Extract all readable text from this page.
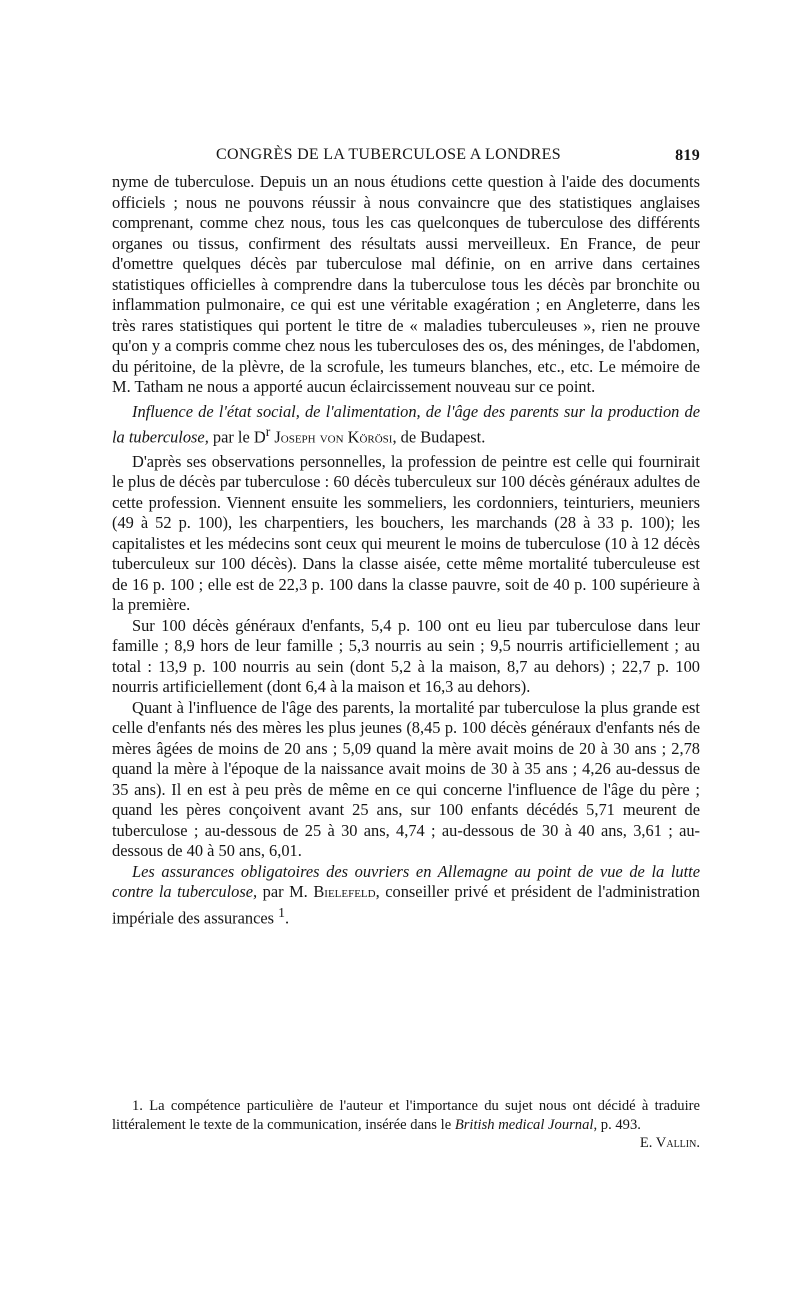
CONGRÈS DE LA TUBERCULOSE A LONDRES	819

nyme de tuberculose. Depuis un an nous étudions cette question à l'aide des documents officiels ; nous ne pouvons réussir à nous convaincre que des statistiques anglaises comprenant, comme chez nous, tous les cas quelconques de tuberculose des différents organes ou tissus, confirment des résultats aussi merveilleux. En France, de peur d'omettre quelques décès par tuberculose mal définie, on en arrive dans certaines statistiques officielles à comprendre dans la tuberculose tous les décès par bronchite ou inflammation pulmonaire, ce qui est une véritable exagération ; en Angleterre, dans les très rares statistiques qui portent le titre de « maladies tuberculeuses », rien ne prouve qu'on y a compris comme chez nous les tuberculoses des os, des méninges, de l'abdomen, du péritoine, de la plèvre, de la scrofule, les tumeurs blanches, etc., etc. Le mémoire de M. Tatham ne nous a apporté aucun éclaircissement nouveau sur ce point.

Influence de l'état social, de l'alimentation, de l'âge des parents sur la production de la tuberculose, par le $D^r$ Joseph von Körösi, de Budapest.

D'après ses observations personnelles, la profession de peintre est celle qui fournirait le plus de décès par tuberculose : 60 décès tuberculeux sur 100 décès généraux adultes de cette profession. Viennent ensuite les sommeliers, les cordonniers, teinturiers, meuniers (49 à 52 p. 100), les charpentiers, les bouchers, les marchands (28 à 33 p. 100); les capitalistes et les médecins sont ceux qui meurent le moins de tuberculose (10 à 12 décès tuberculeux sur 100 décès). Dans la classe aisée, cette même mortalité tuberculeuse est de 16 p. 100 ; elle est de 22,3 p. 100 dans la classe pauvre, soit de 40 p. 100 supérieure à la première.

Sur 100 décès généraux d'enfants, 5,4 p. 100 ont eu lieu par tuberculose dans leur famille ; 8,9 hors de leur famille ; 5,3 nourris au sein ; 9,5 nourris artificiellement ; au total : 13,9 p. 100 nourris au sein (dont 5,2 à la maison, 8,7 au dehors) ; 22,7 p. 100 nourris artificiellement (dont 6,4 à la maison et 16,3 au dehors).

Quant à l'influence de l'âge des parents, la mortalité par tuberculose la plus grande est celle d'enfants nés des mères les plus jeunes (8,45 p. 100 décès généraux d'enfants nés de mères âgées de moins de 20 ans ; 5,09 quand la mère avait moins de 20 à 30 ans ; 2,78 quand la mère à l'époque de la naissance avait moins de 30 à 35 ans ; 4,26 au-dessus de 35 ans). Il en est à peu près de même en ce qui concerne l'influence de l'âge du père ; quand les pères conçoivent avant 25 ans, sur 100 enfants décédés 5,71 meurent de tuberculose ; au-dessous de 25 à 30 ans, 4,74 ; au-dessous de 30 à 40 ans, 3,61 ; au-dessous de 40 à 50 ans, 6,01.

Les assurances obligatoires des ouvriers en Allemagne au point de vue de la lutte contre la tuberculose, par M. Bielefeld, conseiller privé et président de l'administration impériale des assurances $^1$.

1. La compétence particulière de l'auteur et l'importance du sujet nous ont décidé à traduire littéralement le texte de la communication, insérée dans le British medical Journal, p. 493.
E. Vallin.
